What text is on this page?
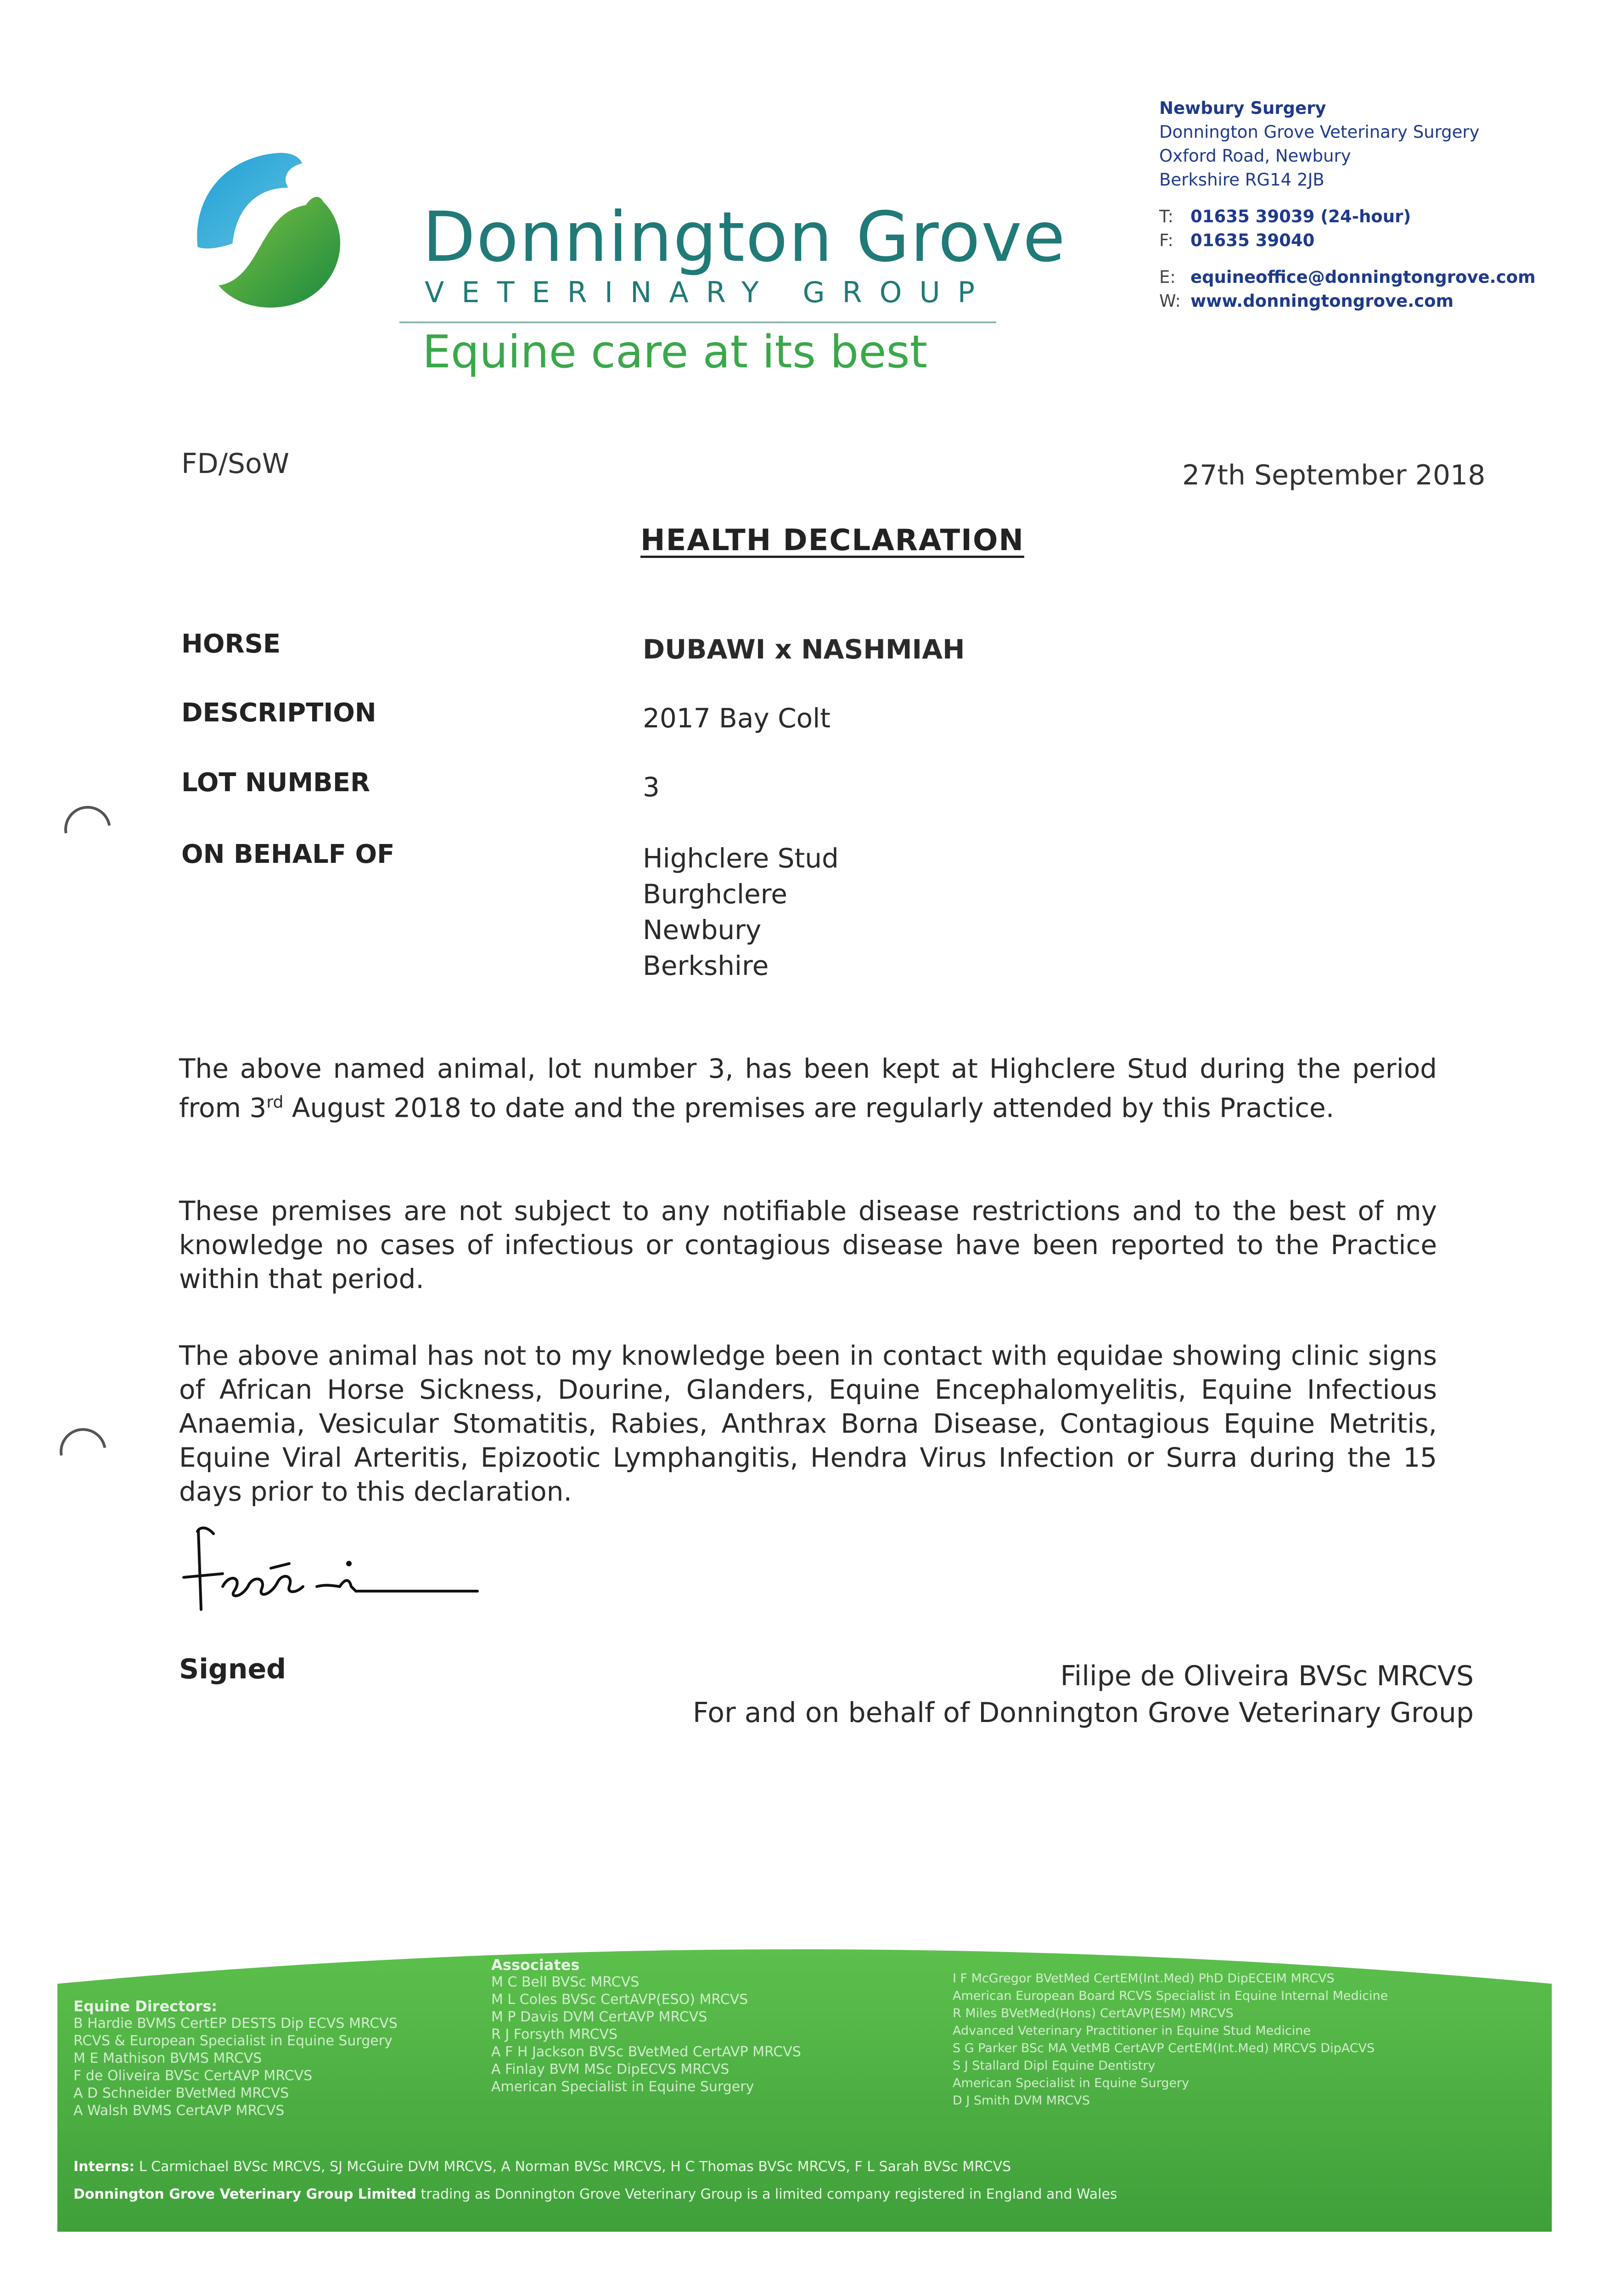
Donnington Grove
VETERINARY GROUP
Equine care at its best
Newbury Surgery
Donnington Grove Veterinary Surgery
Oxford Road, Newbury
Berkshire RG14 2JB
T: 01635 39039 (24-hour)
F: 01635 39040
E: equineoffice@donningtongrove.com
W: www.donningtongrove.com
FD/SoW	27th September 2018
HEALTH DECLARATION
HORSE	DUBAWI x NASHMIAH
DESCRIPTION	2017 Bay Colt
LOT NUMBER	3
ON BEHALF OF	Highclere Stud
Burghclere
Newbury
Berkshire
The above named animal, lot number 3, has been kept at Highclere Stud during the period from 3rd August 2018 to date and the premises are regularly attended by this Practice.
These premises are not subject to any notifiable disease restrictions and to the best of my knowledge no cases of infectious or contagious disease have been reported to the Practice within that period.
The above animal has not to my knowledge been in contact with equidae showing clinic signs of African Horse Sickness, Dourine, Glanders, Equine Encephalomyelitis, Equine Infectious Anaemia, Vesicular Stomatitis, Rabies, Anthrax Borna Disease, Contagious Equine Metritis, Equine Viral Arteritis, Epizootic Lymphangitis, Hendra Virus Infection or Surra during the 15 days prior to this declaration.
Signed	Filipe de Oliveira BVSc MRCVS
For and on behalf of Donnington Grove Veterinary Group
Equine Directors:
B Hardie BVMS CertEP DESTS Dip ECVS MRCVS
RCVS & European Specialist in Equine Surgery
M E Mathison BVMS MRCVS
F de Oliveira BVSc CertAVP MRCVS
A D Schneider BVetMed MRCVS
A Walsh BVMS CertAVP MRCVS
Associates
M C Bell BVSc MRCVS
M L Coles BVSc CertAVP(ESO) MRCVS
M P Davis DVM CertAVP MRCVS
R J Forsyth MRCVS
A F H Jackson BVSc BVetMed CertAVP MRCVS
A Finlay BVM MSc DipECVS MRCVS
American Specialist in Equine Surgery
I F McGregor BVetMed CertEM(Int.Med) PhD DipECEIM MRCVS
American European Board RCVS Specialist in Equine Internal Medicine
R Miles BVetMed(Hons) CertAVP(ESM) MRCVS
Advanced Veterinary Practitioner in Equine Stud Medicine
S G Parker BSc MA VetMB CertAVP CertEM(Int.Med) MRCVS DipACVS
S J Stallard Dipl Equine Dentistry
American Specialist in Equine Surgery
D J Smith DVM MRCVS
Interns: L Carmichael BVSc MRCVS, SJ McGuire DVM MRCVS, A Norman BVSc MRCVS, H C Thomas BVSc MRCVS, F L Sarah BVSc MRCVS
Donnington Grove Veterinary Group Limited trading as Donnington Grove Veterinary Group is a limited company registered in England and Wales
